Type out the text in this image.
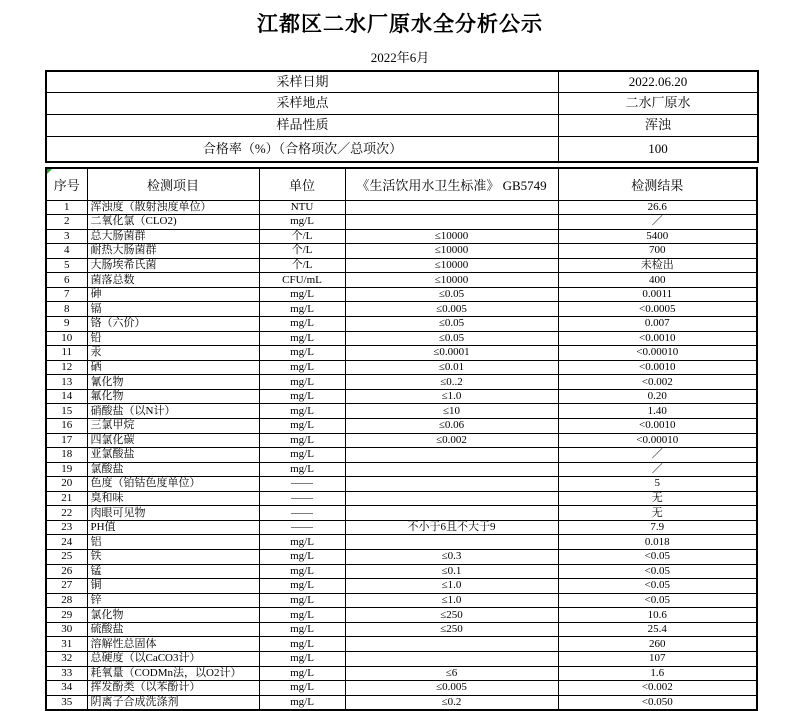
江都区二水厂原水全分析公示
2022年6月
采样日期	2022.06.20
采样地点	二水厂原水
样品性质	浑浊
合格率（%）（合格项次／总项次）	100
序号	检测项目	单位	《生活饮用水卫生标准》 GB5749	检测结果
1	浑浊度（散射浊度单位）	NTU		26.6
2	二氧化氯（CLO2)	mg/L		／
3	总大肠菌群	个/L	≤10000	5400
4	耐热大肠菌群	个/L	≤10000	700
5	大肠埃希氏菌	个/L	≤10000	未检出
6	菌落总数	CFU/mL	≤10000	400
7	砷	mg/L	≤0.05	0.0011
8	镉	mg/L	≤0.005	<0.0005
9	铬（六价）	mg/L	≤0.05	0.007
10	铅	mg/L	≤0.05	<0.0010
11	汞	mg/L	≤0.0001	<0.00010
12	硒	mg/L	≤0.01	<0.0010
13	氰化物	mg/L	≤0..2	<0.002
14	氟化物	mg/L	≤1.0	0.20
15	硝酸盐（以N计）	mg/L	≤10	1.40
16	三氯甲烷	mg/L	≤0.06	<0.0010
17	四氯化碳	mg/L	≤0.002	<0.00010
18	亚氯酸盐	mg/L		／
19	氯酸盐	mg/L		／
20	色度（铂钴色度单位）	——		5
21	臭和味	——		无
22	肉眼可见物	——		无
23	PH值	——	不小于6且不大于9	7.9
24	铝	mg/L		0.018
25	铁	mg/L	≤0.3	<0.05
26	锰	mg/L	≤0.1	<0.05
27	铜	mg/L	≤1.0	<0.05
28	锌	mg/L	≤1.0	<0.05
29	氯化物	mg/L	≤250	10.6
30	硫酸盐	mg/L	≤250	25.4
31	溶解性总固体	mg/L		260
32	总硬度（以CaCO3计）	mg/L		107
33	耗氧量（CODMn法，以O2计）	mg/L	≤6	1.6
34	挥发酚类（以苯酚计）	mg/L	≤0.005	<0.002
35	阴离子合成洗涤剂	mg/L	≤0.2	<0.050
